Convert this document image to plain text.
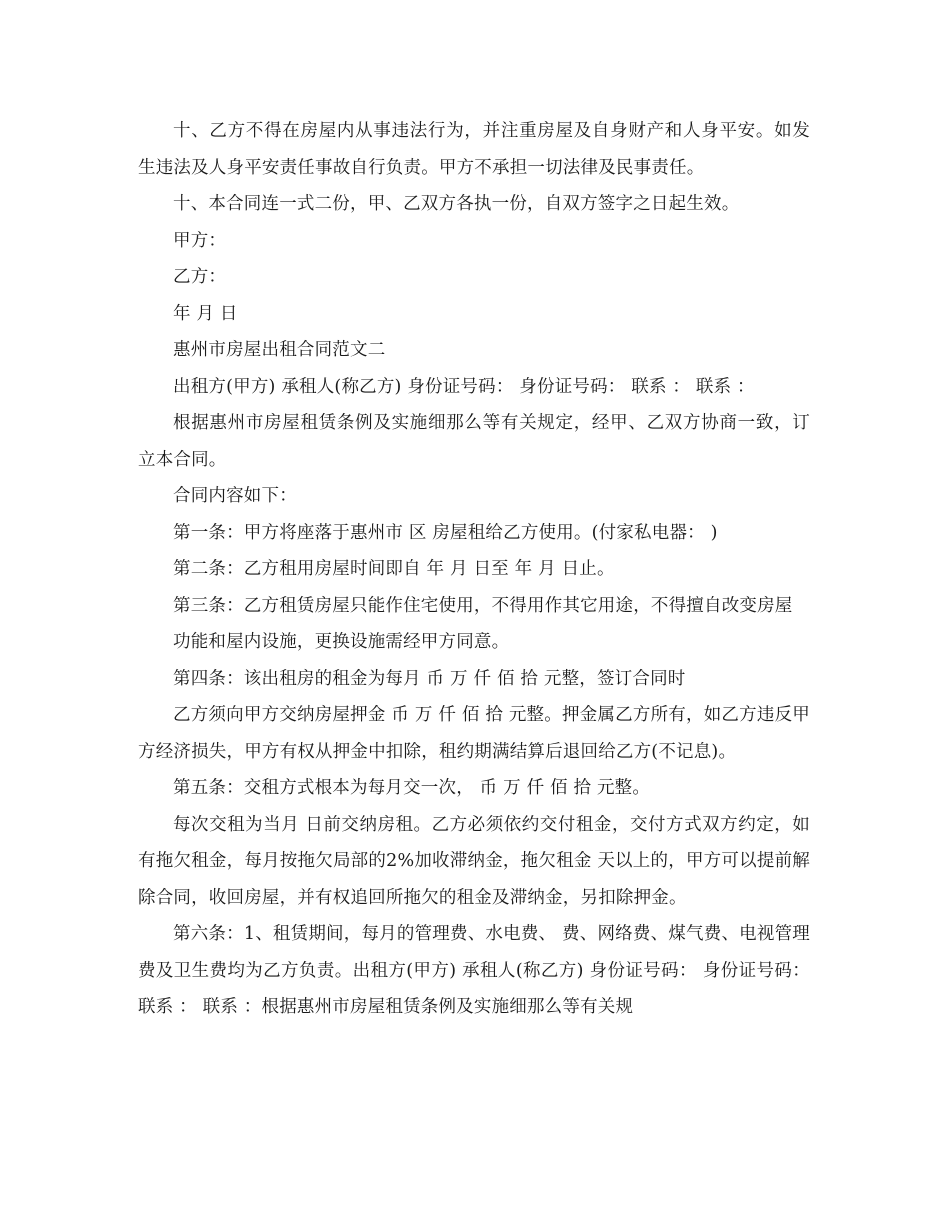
十、乙方不得在房屋内从事违法行为，并注重房屋及自身财产和人身平安。如发生违法及人身平安责任事故自行负责。甲方不承担一切法律及民事责任。

十、本合同连一式二份，甲、乙双方各执一份，自双方签字之日起生效。

甲方：

乙方：

年 月 日

惠州市房屋出租合同范文二

出租方(甲方) 承租人(称乙方) 身份证号码： 身份证号码： 联系 ： 联系 ：

根据惠州市房屋租赁条例及实施细那么等有关规定，经甲、乙双方协商一致，订立本合同。

合同内容如下：

第一条：甲方将座落于惠州市 区 房屋租给乙方使用。(付家私电器： )

第二条：乙方租用房屋时间即自 年 月 日至 年 月 日止。

第三条：乙方租赁房屋只能作住宅使用，不得用作其它用途，不得擅自改变房屋

功能和屋内设施，更换设施需经甲方同意。

第四条：该出租房的租金为每月 币 万 仟 佰 拾 元整，签订合同时

乙方须向甲方交纳房屋押金 币 万 仟 佰 拾 元整。押金属乙方所有，如乙方违反甲方经济损失，甲方有权从押金中扣除，租约期满结算后退回给乙方(不记息)。

第五条：交租方式根本为每月交一次， 币 万 仟 佰 拾 元整。

每次交租为当月 日前交纳房租。乙方必须依约交付租金，交付方式双方约定，如有拖欠租金，每月按拖欠局部的2%加收滞纳金，拖欠租金 天以上的，甲方可以提前解除合同，收回房屋，并有权追回所拖欠的租金及滞纳金，另扣除押金。

第六条：1、租赁期间，每月的管理费、水电费、 费、网络费、煤气费、电视管理费及卫生费均为乙方负责。出租方(甲方) 承租人(称乙方) 身份证号码： 身份证号码： 联系 ： 联系 ：根据惠州市房屋租赁条例及实施细那么等有关规
